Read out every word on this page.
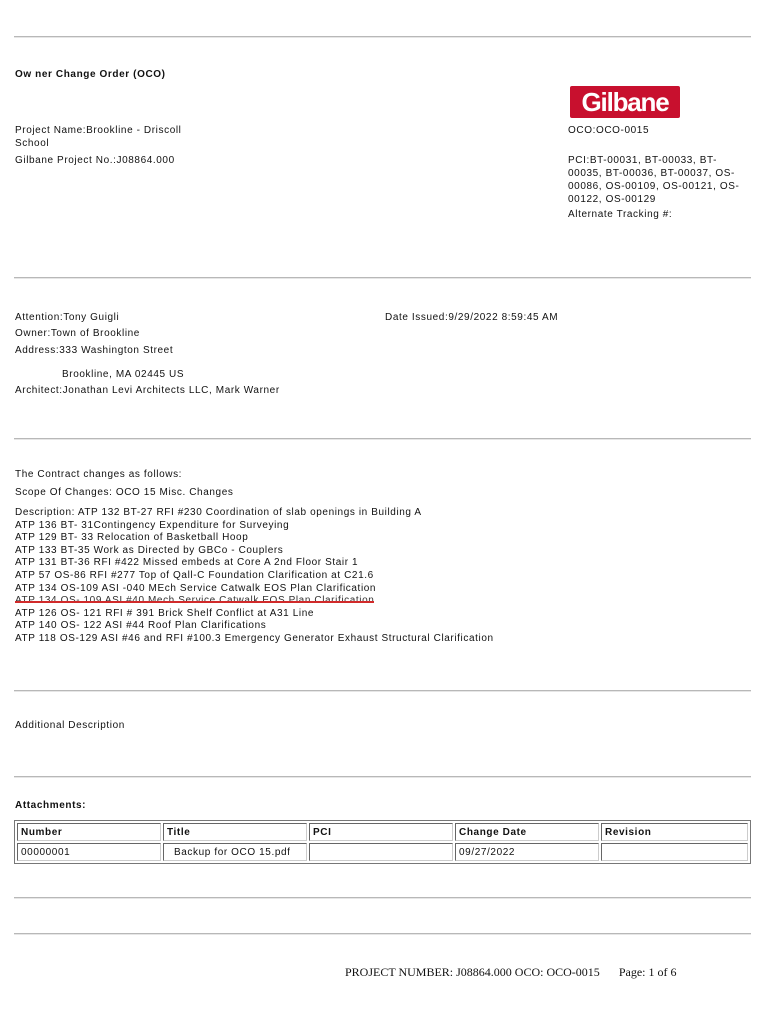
Ow ner Change Order (OCO)
Gilbane
Project Name:Brookline - Driscoll
School
Gilbane Project No.:J08864.000
OCO:OCO-0015
PCI:BT-00031, BT-00033, BT-
00035, BT-00036, BT-00037, OS-
00086, OS-00109, OS-00121, OS-
00122, OS-00129
Alternate Tracking #:
Attention:Tony Guigli
Owner:Town of Brookline
Address:333 Washington Street
Brookline, MA 02445 US
Architect:Jonathan Levi Architects LLC, Mark Warner
Date Issued:9/29/2022 8:59:45 AM
The Contract changes as follows:
Scope Of Changes: OCO 15 Misc. Changes
Description: ATP 132 BT-27 RFI #230 Coordination of slab openings in Building A
ATP 136 BT- 31Contingency Expenditure for Surveying
ATP 129 BT- 33 Relocation of Basketball Hoop
ATP 133 BT-35 Work as Directed by GBCo - Couplers
ATP 131 BT-36 RFI #422 Missed embeds at Core A 2nd Floor Stair 1
ATP 57 OS-86 RFI #277 Top of Qall-C Foundation Clarification at C21.6
ATP 134 OS-109 ASI -040 MEch Service Catwalk EOS Plan Clarification
ATP 134 OS- 109 ASI #40 Mech Service Catwalk EOS Plan Clarification
ATP 126 OS- 121 RFI # 391 Brick Shelf Conflict at A31 Line
ATP 140 OS- 122 ASI #44 Roof Plan Clarifications
ATP 118 OS-129 ASI #46 and RFI #100.3 Emergency Generator Exhaust Structural Clarification
Additional Description
Attachments:
Number	Title	PCI	Change Date	Revision
00000001	Backup for OCO 15.pdf		09/27/2022	
PROJECT NUMBER: J08864.000 OCO: OCO-0015 Page: 1 of 6
